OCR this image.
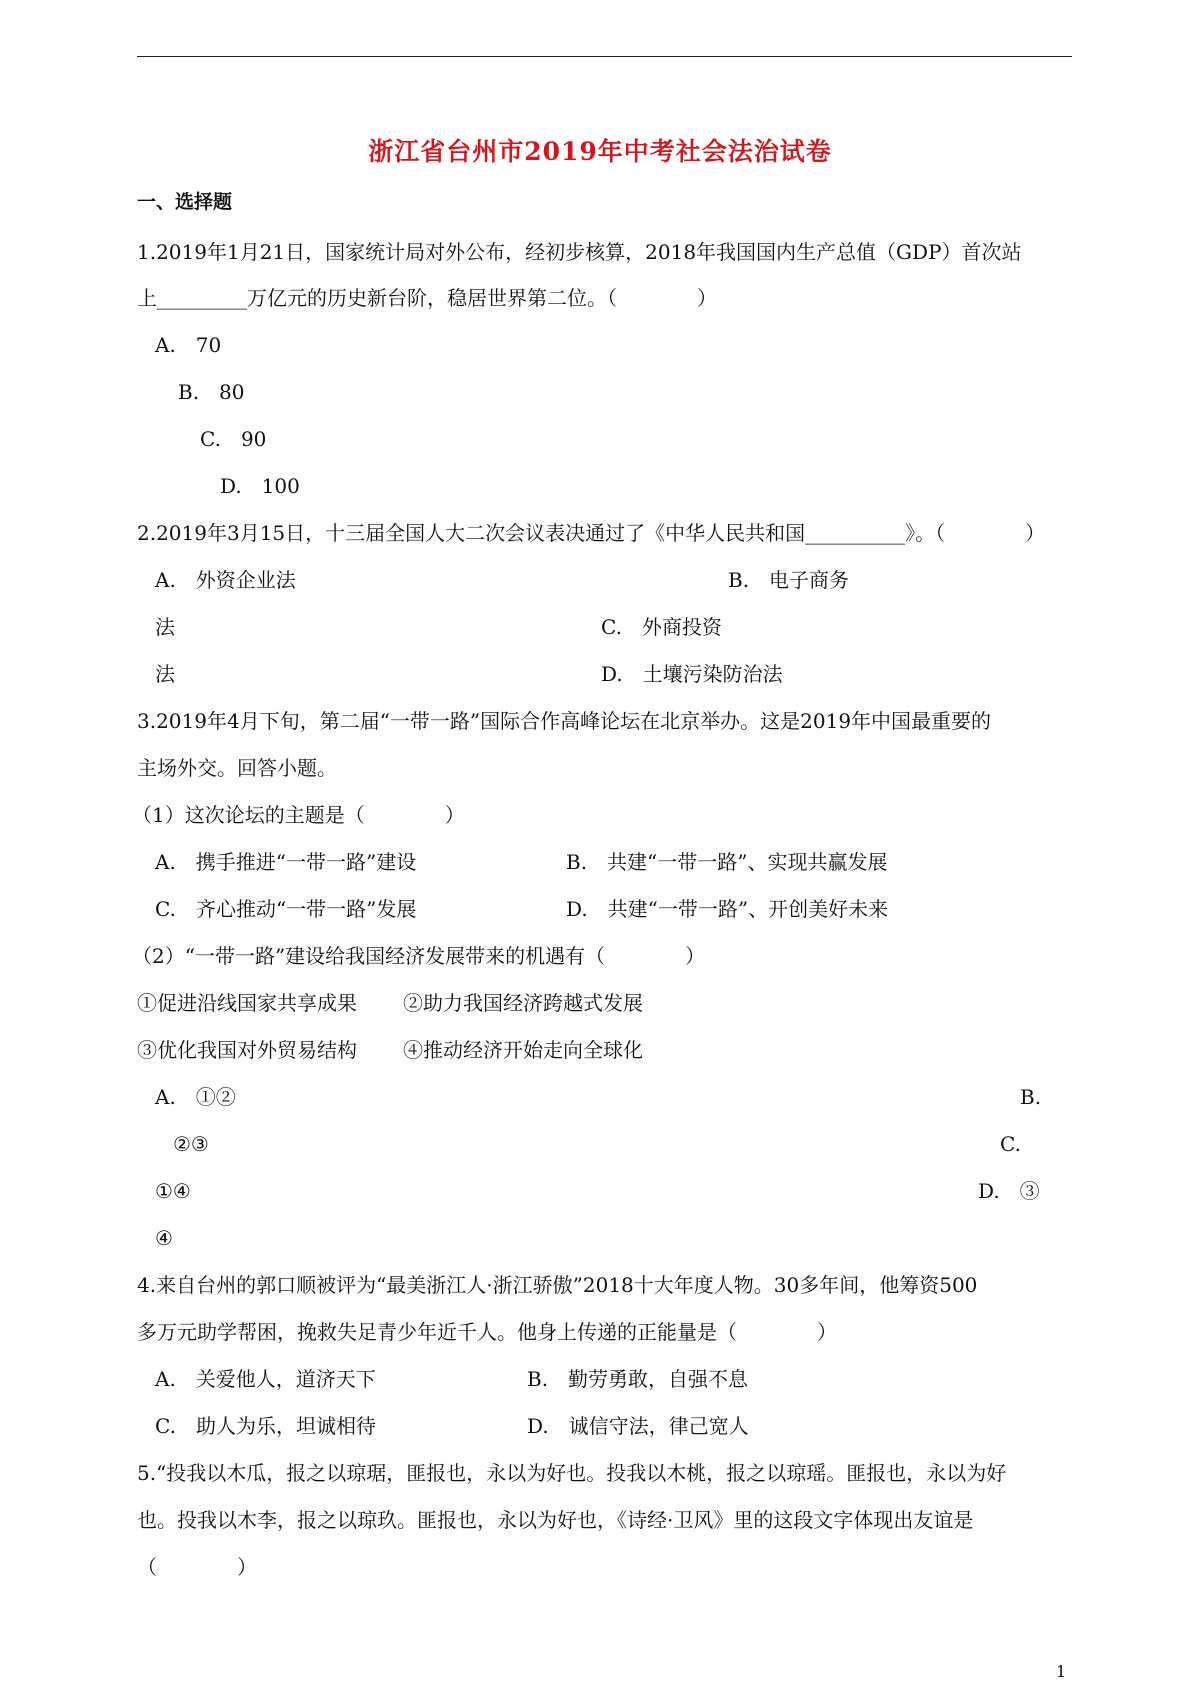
浙江省台州市2019年中考社会法治试卷
一、选择题
1.2019年1月21日，国家统计局对外公布，经初步核算，2018年我国国内生产总值（GDP）首次站
上_________万亿元的历史新台阶，稳居世界第二位。（　　　　）
A.　70
B.　80
C.　90
D.　100
2.2019年3月15日，十三届全国人大二次会议表决通过了《中华人民共和国__________》。（　　　　）
A.　外资企业法	B.　电子商务
法	C.　外商投资
法	D.　土壤污染防治法
3.2019年4月下旬，第二届“一带一路”国际合作高峰论坛在北京举办。这是2019年中国最重要的
主场外交。回答小题。
（1）这次论坛的主题是（　　　　）
A.　携手推进“一带一路”建设	B.　共建“一带一路”、实现共赢发展
C.　齐心推动“一带一路”发展	D.　共建“一带一路”、开创美好未来
（2）“一带一路”建设给我国经济发展带来的机遇有（　　　　）
①促进沿线国家共享成果 ②助力我国经济跨越式发展
③优化我国对外贸易结构 ④推动经济开始走向全球化
A.　①②	B.
②③	C.
①④	D.　③
④
4.来自台州的郭口顺被评为“最美浙江人·浙江骄傲”2018十大年度人物。30多年间，他筹资500
多万元助学帮困，挽救失足青少年近千人。他身上传递的正能量是（　　　　）
A.　关爱他人，道济天下	B.　勤劳勇敢，自强不息
C.　助人为乐，坦诚相待	D.　诚信守法，律己宽人
5.“投我以木瓜，报之以琼琚，匪报也，永以为好也。投我以木桃，报之以琼瑶。匪报也，永以为好
也。投我以木李，报之以琼玖。匪报也，永以为好也，《诗经·卫风》里的这段文字体现出友谊是
（　　　　）
1
